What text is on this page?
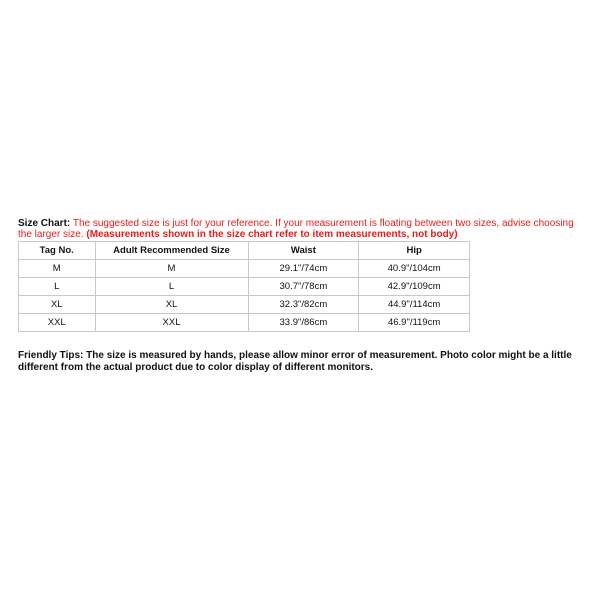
Size Chart: The suggested size is just for your reference. If your measurement is floating between two sizes, advise choosing the larger size. (Measurements shown in the size chart refer to item measurements, not body)
Tag No.	Adult Recommended Size	Waist	Hip
M	M	29.1"/74cm	40.9"/104cm
L	L	30.7"/78cm	42.9"/109cm
XL	XL	32.3"/82cm	44.9"/114cm
XXL	XXL	33.9"/86cm	46.9"/119cm
Friendly Tips: The size is measured by hands, please allow minor error of measurement. Photo color might be a little different from the actual product due to color display of different monitors.
